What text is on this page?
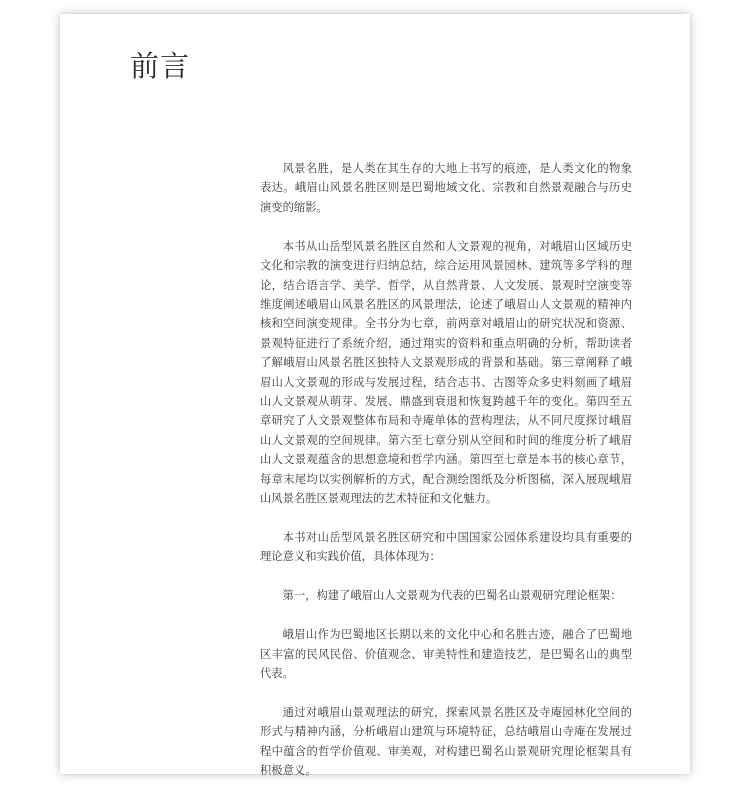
前言

风景名胜，是人类在其生存的大地上书写的痕迹，是人类文化的物象表达。峨眉山风景名胜区则是巴蜀地域文化、宗教和自然景观融合与历史演变的缩影。

本书从山岳型风景名胜区自然和人文景观的视角，对峨眉山区域历史文化和宗教的演变进行归纳总结，综合运用风景园林、建筑等多学科的理论，结合语言学、美学、哲学，从自然背景、人文发展、景观时空演变等维度阐述峨眉山风景名胜区的风景理法，论述了峨眉山人文景观的精神内核和空间演变规律。全书分为七章，前两章对峨眉山的研究状况和资源、景观特征进行了系统介绍，通过翔实的资料和重点明确的分析，帮助读者了解峨眉山风景名胜区独特人文景观形成的背景和基础。第三章阐释了峨眉山人文景观的形成与发展过程，结合志书、古图等众多史料刻画了峨眉山人文景观从萌芽、发展、鼎盛到衰退和恢复跨越千年的变化。第四至五章研究了人文景观整体布局和寺庵单体的营构理法，从不同尺度探讨峨眉山人文景观的空间规律。第六至七章分别从空间和时间的维度分析了峨眉山人文景观蕴含的思想意境和哲学内涵。第四至七章是本书的核心章节，每章末尾均以实例解析的方式，配合测绘图纸及分析图稿，深入展现峨眉山风景名胜区景观理法的艺术特征和文化魅力。

本书对山岳型风景名胜区研究和中国国家公园体系建设均具有重要的理论意义和实践价值，具体体现为：

第一，构建了峨眉山人文景观为代表的巴蜀名山景观研究理论框架：

峨眉山作为巴蜀地区长期以来的文化中心和名胜古迹，融合了巴蜀地区丰富的民风民俗、价值观念、审美特性和建造技艺，是巴蜀名山的典型代表。

通过对峨眉山景观理法的研究，探索风景名胜区及寺庵园林化空间的形式与精神内涵，分析峨眉山建筑与环境特征，总结峨眉山寺庵在发展过程中蕴含的哲学价值观、审美观，对构建巴蜀名山景观研究理论框架具有积极意义。
